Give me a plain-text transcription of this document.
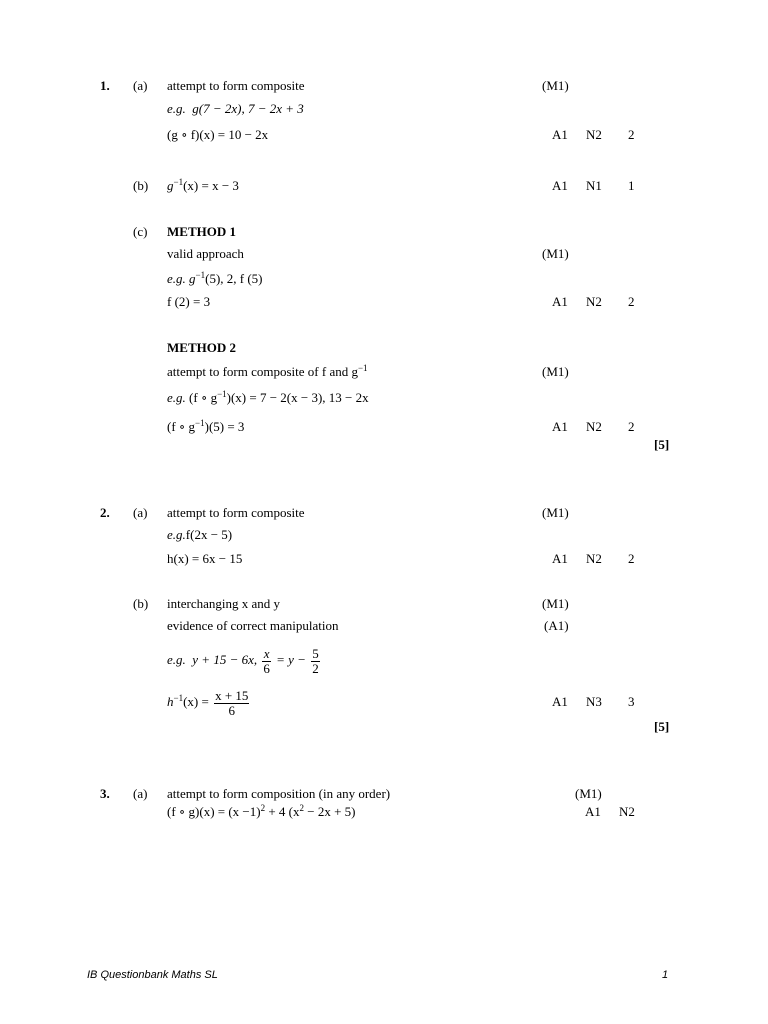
1. (a) attempt to form composite	(M1)
e.g. g(7 − 2x), 7 − 2x + 3
(g ∘ f)(x) = 10 − 2x	A1 N2 2
(b) $g^{-1}(x) = x - 3$	A1 N1 1
(c) METHOD 1
valid approach	(M1)
e.g. $g^{-1}(5)$, 2, f (5)
f (2) = 3	A1 N2 2
METHOD 2
attempt to form composite of f and $g^{-1}$	(M1)
e.g. (f ∘ $g^{-1})(x) = 7 - 2(x - 3)$, 13 − 2x
(f ∘ $g^{-1})(5) = 3$	A1 N2 2
[5]
2. (a) attempt to form composite	(M1)
e.g.f(2x − 5)
h(x) = 6x − 15	A1 N2 2
(b) interchanging x and y	(M1)
evidence of correct manipulation	(A1)
e.g. y + 15 − 6x, $\frac{x}{6} = y - \frac{5}{2}$
$h^{-1}(x) = \frac{x + 15}{6}$	A1 N3 3
[5]
3. (a) attempt to form composition (in any order)	(M1)
(f ∘ $g)(x) = (x -1)^2 + 4$ $(x^2 - 2x + 5)$	A1 N2
IB Questionbank Maths SL	1
